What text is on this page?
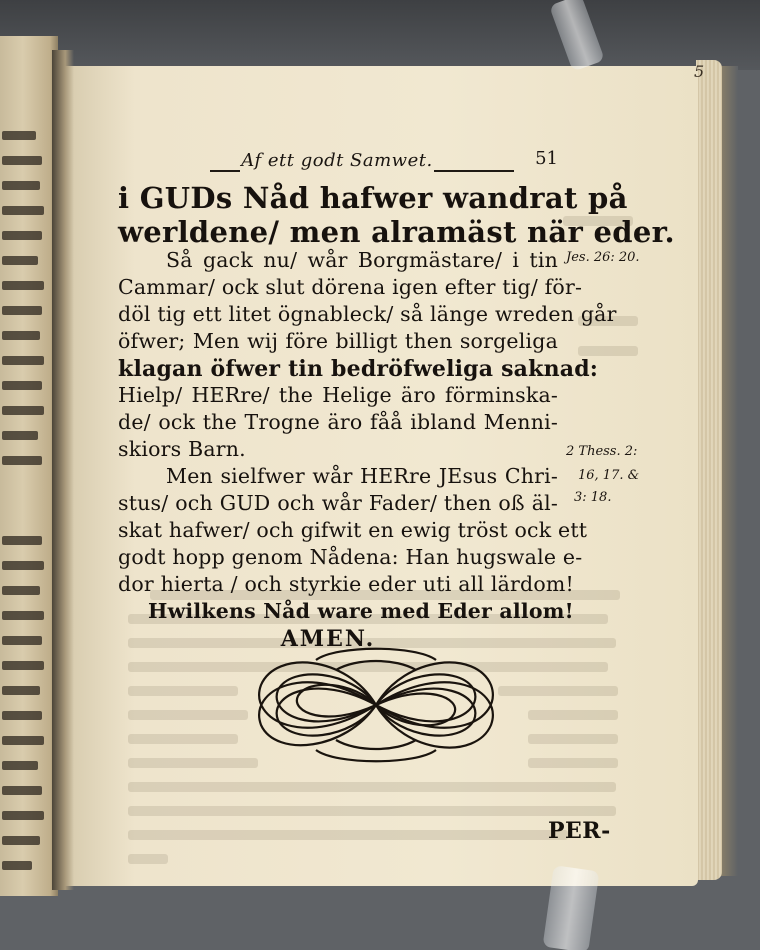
5
Af ett godt Samwet.	51
i GUDs Nåd hafwer wandrat på
werldene/ men alramäst när eder.
Så gack nu/ wår Borgmästare/ i tin
Cammar/ ock slut dörena igen efter tig/ för-
döl tig ett litet ögnableck/ så länge wreden går
öfwer; Men wij före billigt then sorgeliga
klagan öfwer tin bedröfweliga saknad:
Hielp/ HERre/ the Helige äro förminska-
de/ ock the Trogne äro fåå ibland Menni-
skiors Barn.
Men sielfwer wår HERre JEsus Chri-
stus/ och GUD och wår Fader/ then oß äl-
skat hafwer/ och gifwit en ewig tröst ock ett
godt hopp genom Nådena: Han hugswale e-
dor hierta / och styrkie eder uti all lärdom!
Hwilkens Nåd ware med Eder allom!
AMEN.
Jes. 26: 20.
2 Thess. 2:
16, 17. &
3: 18.
PER-
